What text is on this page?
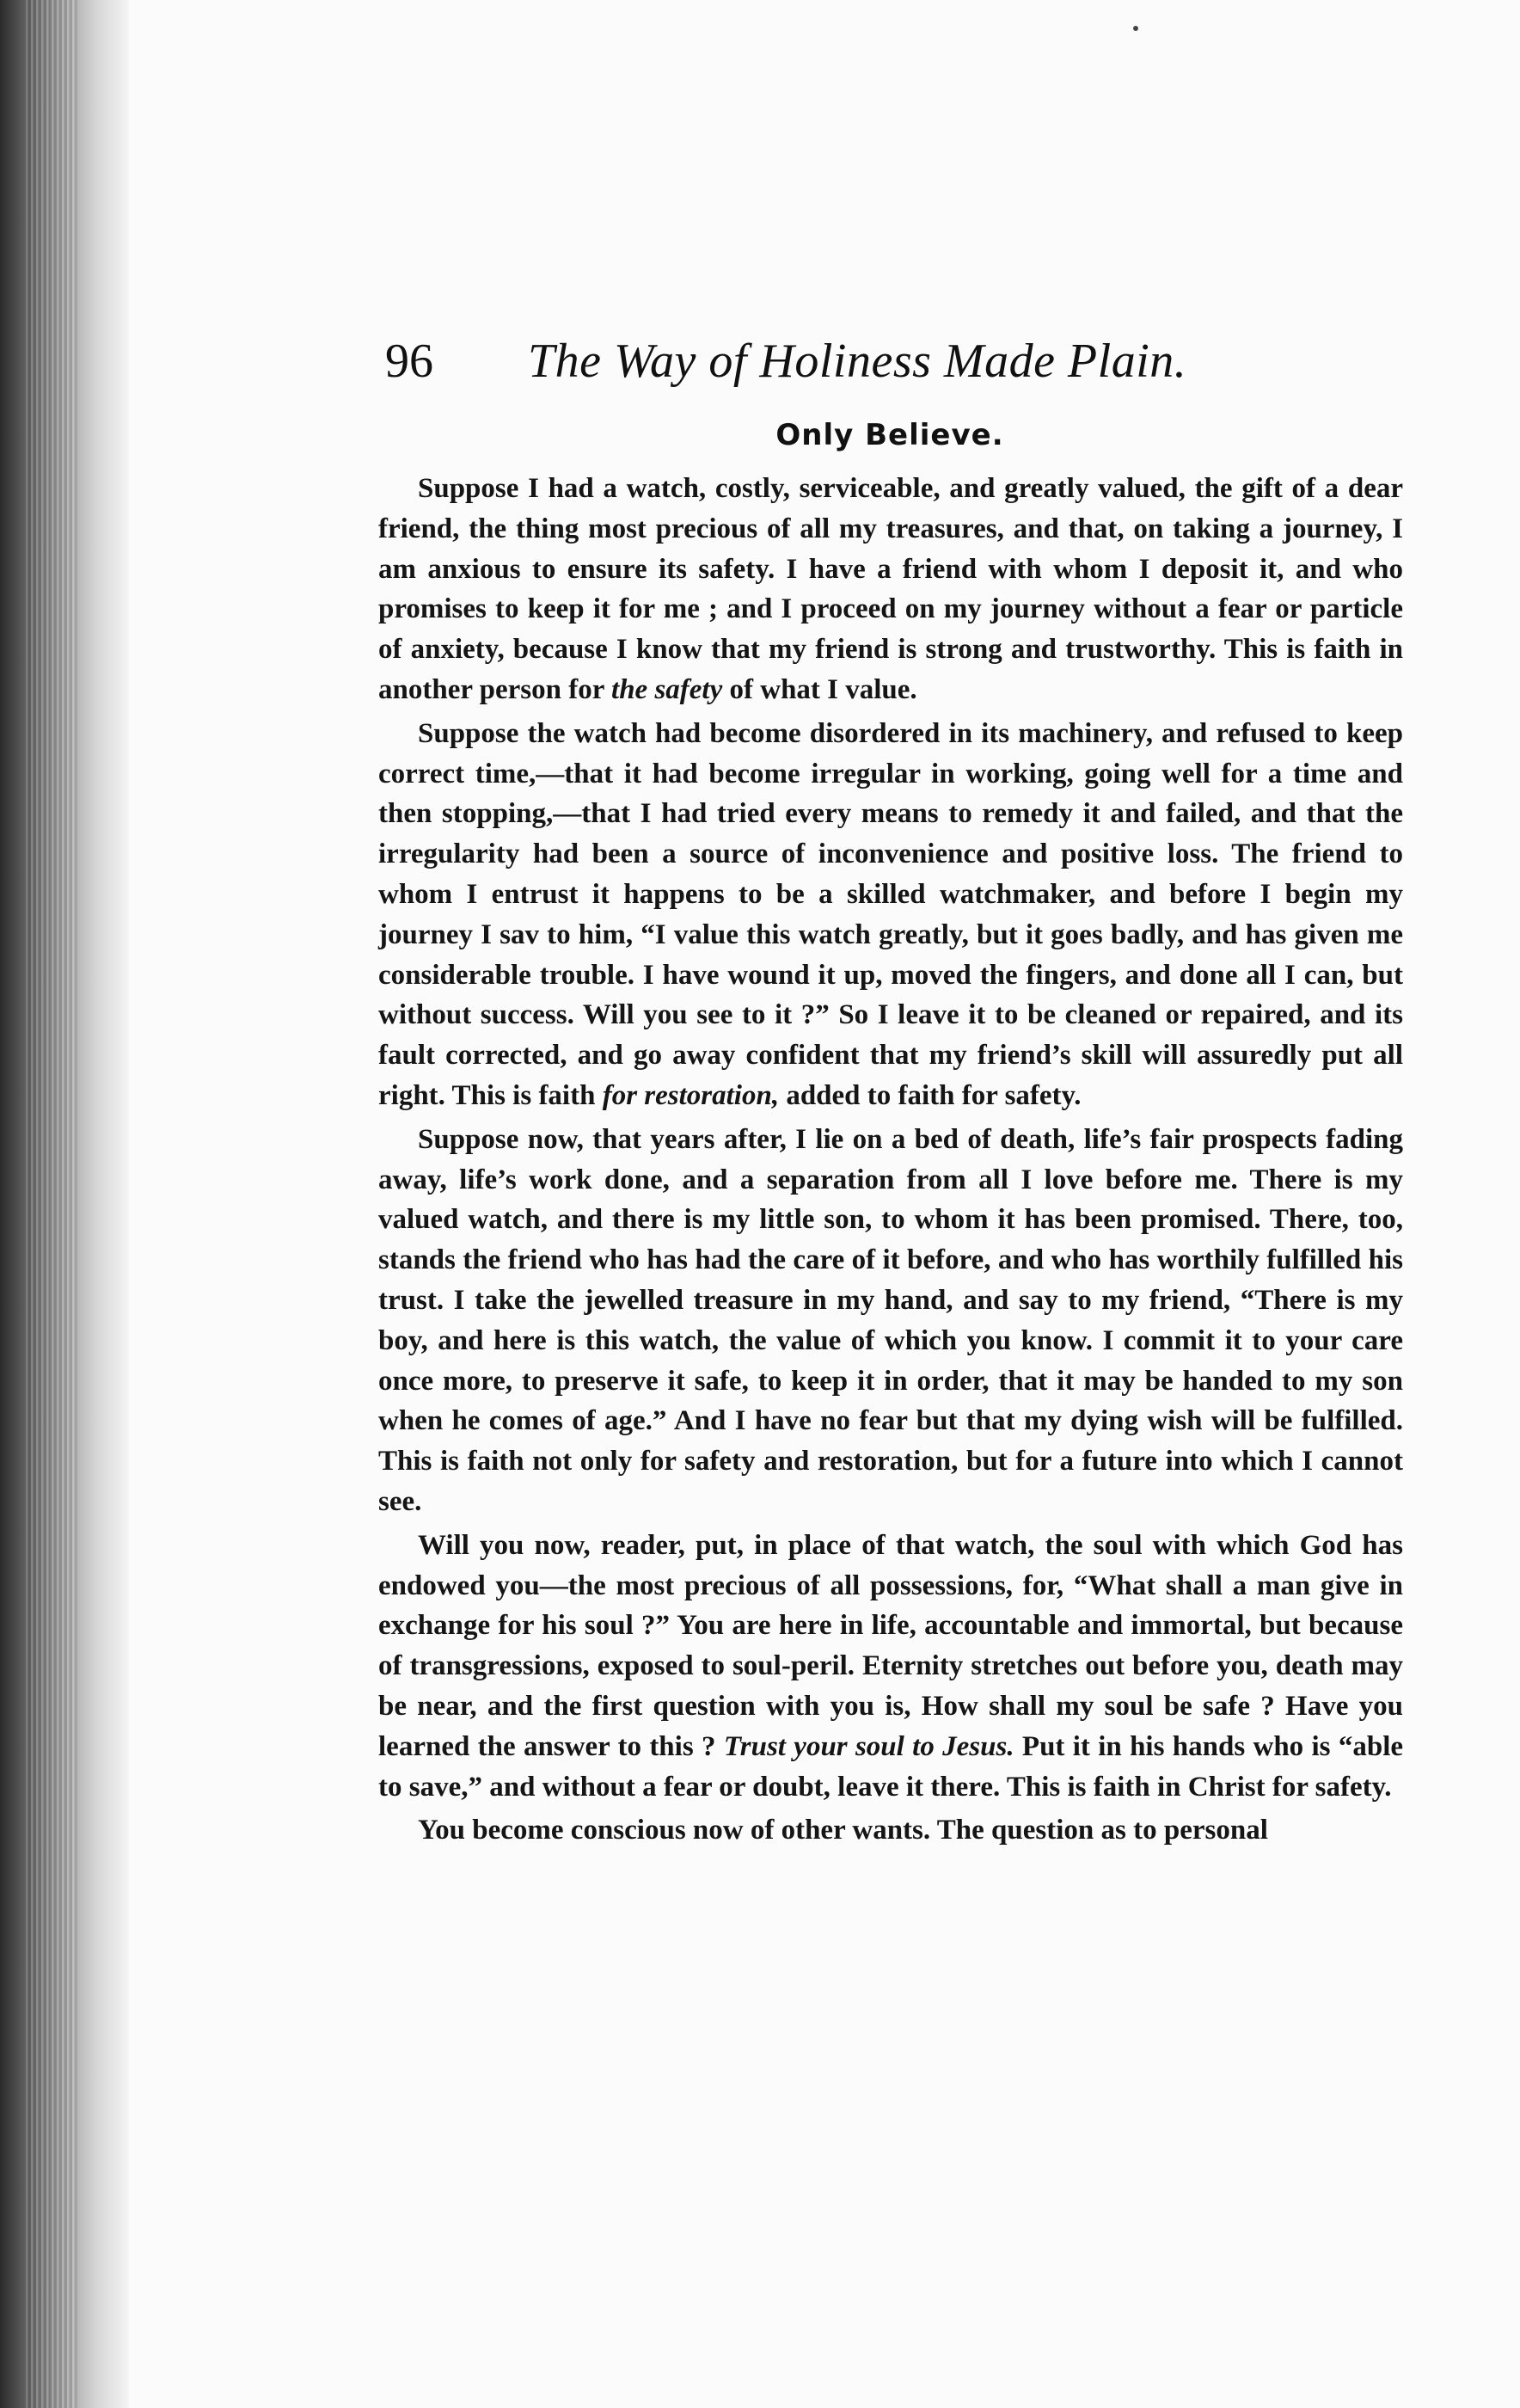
96 The Way of Holiness Made Plain.
Only Believe.

Suppose I had a watch, costly, serviceable, and greatly valued, the gift of a dear friend, the thing most precious of all my treasures, and that, on taking a journey, I am anxious to ensure its safety. I have a friend with whom I deposit it, and who promises to keep it for me ; and I proceed on my journey without a fear or particle of anxiety, because I know that my friend is strong and trustworthy. This is faith in another person for the safety of what I value.

Suppose the watch had become disordered in its machinery, and refused to keep correct time,—that it had become irregular in working, going well for a time and then stopping,—that I had tried every means to remedy it and failed, and that the irregularity had been a source of inconvenience and positive loss. The friend to whom I entrust it happens to be a skilled watchmaker, and before I begin my journey I sav to him, “I value this watch greatly, but it goes badly, and has given me considerable trouble. I have wound it up, moved the fingers, and done all I can, but without success. Will you see to it ?” So I leave it to be cleaned or repaired, and its fault corrected, and go away confident that my friend’s skill will assuredly put all right. This is faith for restoration, added to faith for safety.

Suppose now, that years after, I lie on a bed of death, life’s fair prospects fading away, life’s work done, and a separation from all I love before me. There is my valued watch, and there is my little son, to whom it has been promised. There, too, stands the friend who has had the care of it before, and who has worthily fulfilled his trust. I take the jewelled treasure in my hand, and say to my friend, “There is my boy, and here is this watch, the value of which you know. I commit it to your care once more, to preserve it safe, to keep it in order, that it may be handed to my son when he comes of age.” And I have no fear but that my dying wish will be fulfilled. This is faith not only for safety and restoration, but for a future into which I cannot see.

Will you now, reader, put, in place of that watch, the soul with which God has endowed you—the most precious of all possessions, for, “What shall a man give in exchange for his soul ?” You are here in life, accountable and immortal, but because of transgressions, exposed to soul-peril. Eternity stretches out before you, death may be near, and the first question with you is, How shall my soul be safe ? Have you learned the answer to this ? Trust your soul to Jesus. Put it in his hands who is “able to save,” and without a fear or doubt, leave it there. This is faith in Christ for safety.

You become conscious now of other wants. The question as to personal
